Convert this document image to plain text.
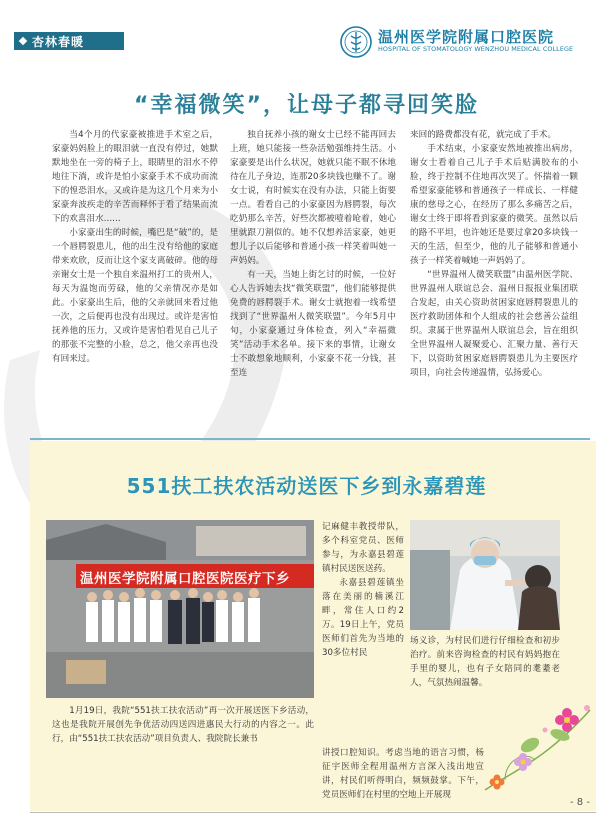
杏林春暖	温州医学院附属口腔医院
HOSPITAL OF STOMATOLOGY WENZHOU MEDICAL COLLEGE
“幸福微笑”，让母子都寻回笑脸

当4个月的代家豪被推进手术室之后，家豪妈妈脸上的眼泪就一直没有停过，她默默地坐在一旁的椅子上，眼睛里的泪水不停地往下淌，或许是怕小家豪手术不成功而流下的惶恐泪水，又或许是为这几个月来为小家豪奔波疾走的辛苦而释怀于看了结果而流下的欢喜泪水……

小家豪出生的时候，嘴巴是“破”的，是一个唇腭裂患儿，他的出生没有给他的家庭带来欢欣，反而让这个家支离破碎。他的母亲谢女士是一个独自来温州打工的贵州人，每天为温饱而劳碌，他的父亲情况亦是如此。小家豪出生后，他的父亲就回来看过他一次，之后便再也没有出现过。或许是害怕抚养他的压力，又或许是害怕看见自己儿子的那张不完整的小脸，总之，他父亲再也没有回来过。

独自抚养小孩的谢女士已经不能再回去上班，她只能接一些杂活勉强维持生活。小家豪要是出什么状况，她就只能不眠不休地待在儿子身边，连那20多块钱也赚不了。谢女士说，有时候实在没有办法，只能上街要一点。看看自己的小家豪因为唇腭裂，每次吃奶那么辛苦，好些次都被噎着呛着，她心里就跟刀割似的。她不仅想养活家豪，她更想儿子以后能够和普通小孩一样笑着叫她一声妈妈。

有一天，当她上街乞讨的时候，一位好心人告诉她去找“微笑联盟”，他们能够提供免费的唇腭裂手术。谢女士就抱着一线希望找到了“世界温州人微笑联盟”。今年5月中旬，小家豪通过身体检查，列入“幸福微笑”活动手术名单。接下来的事情，让谢女士不敢想象地顺利，小家豪不花一分钱，甚至连

来回的路费都没有花，就完成了手术。

手术结束，小家豪安然地被推出病房，谢女士看着自己儿子手术后贴满胶布的小脸，终于控制不住地再次哭了。怀揣着一颗希望家豪能够和普通孩子一样成长、一样健康的慈母之心，在经历了那么多痛苦之后，谢女士终于即将看到家豪的微笑。虽然以后的路不平坦，也许她还是要过拿20多块钱一天的生活，但至少，他的儿子能够和普通小孩子一样笑着喊她一声妈妈了。

“世界温州人微笑联盟”由温州医学院、世界温州人联谊总会、温州日报报业集团联合发起，由关心资助贫困家庭唇腭裂患儿的医疗救助团体和个人组成的社会慈善公益组织。隶属于世界温州人联谊总会，旨在组织全世界温州人凝聚爱心、汇聚力量、善行天下，以资助贫困家庭唇腭裂患儿为主要医疗项目，向社会传递温情，弘扬爱心。

551扶工扶农活动送医下乡到永嘉碧莲
温州医学院附属口腔医院医疗下乡

1月19日，我院“551扶工扶农活动”再一次开展送医下乡活动，这也是我院开展创先争优活动四送四进惠民大行动的内容之一。此行，由“551扶工扶农活动”项目负责人、我院院长兼书

记麻健丰教授带队，多个科室党员、医师参与，为永嘉县碧莲镇村民送医送药。

永嘉县碧莲镇坐落在美丽的楠溪江畔，常住人口约2万。19日上午，党员医师们首先为当地的30多位村民

讲授口腔知识。考虑当地的语言习惯，杨征宇医师全程用温州方言深入浅出地宣讲，村民们听得明白，频频鼓掌。下午，党员医师们在村里的空地上开展现

场义诊，为村民们进行仔细检查和初步治疗。前来咨询检查的村民有妈妈抱在手里的婴儿，也有子女陪同的耄耋老人，气氛热闹温馨。

- 8 -
